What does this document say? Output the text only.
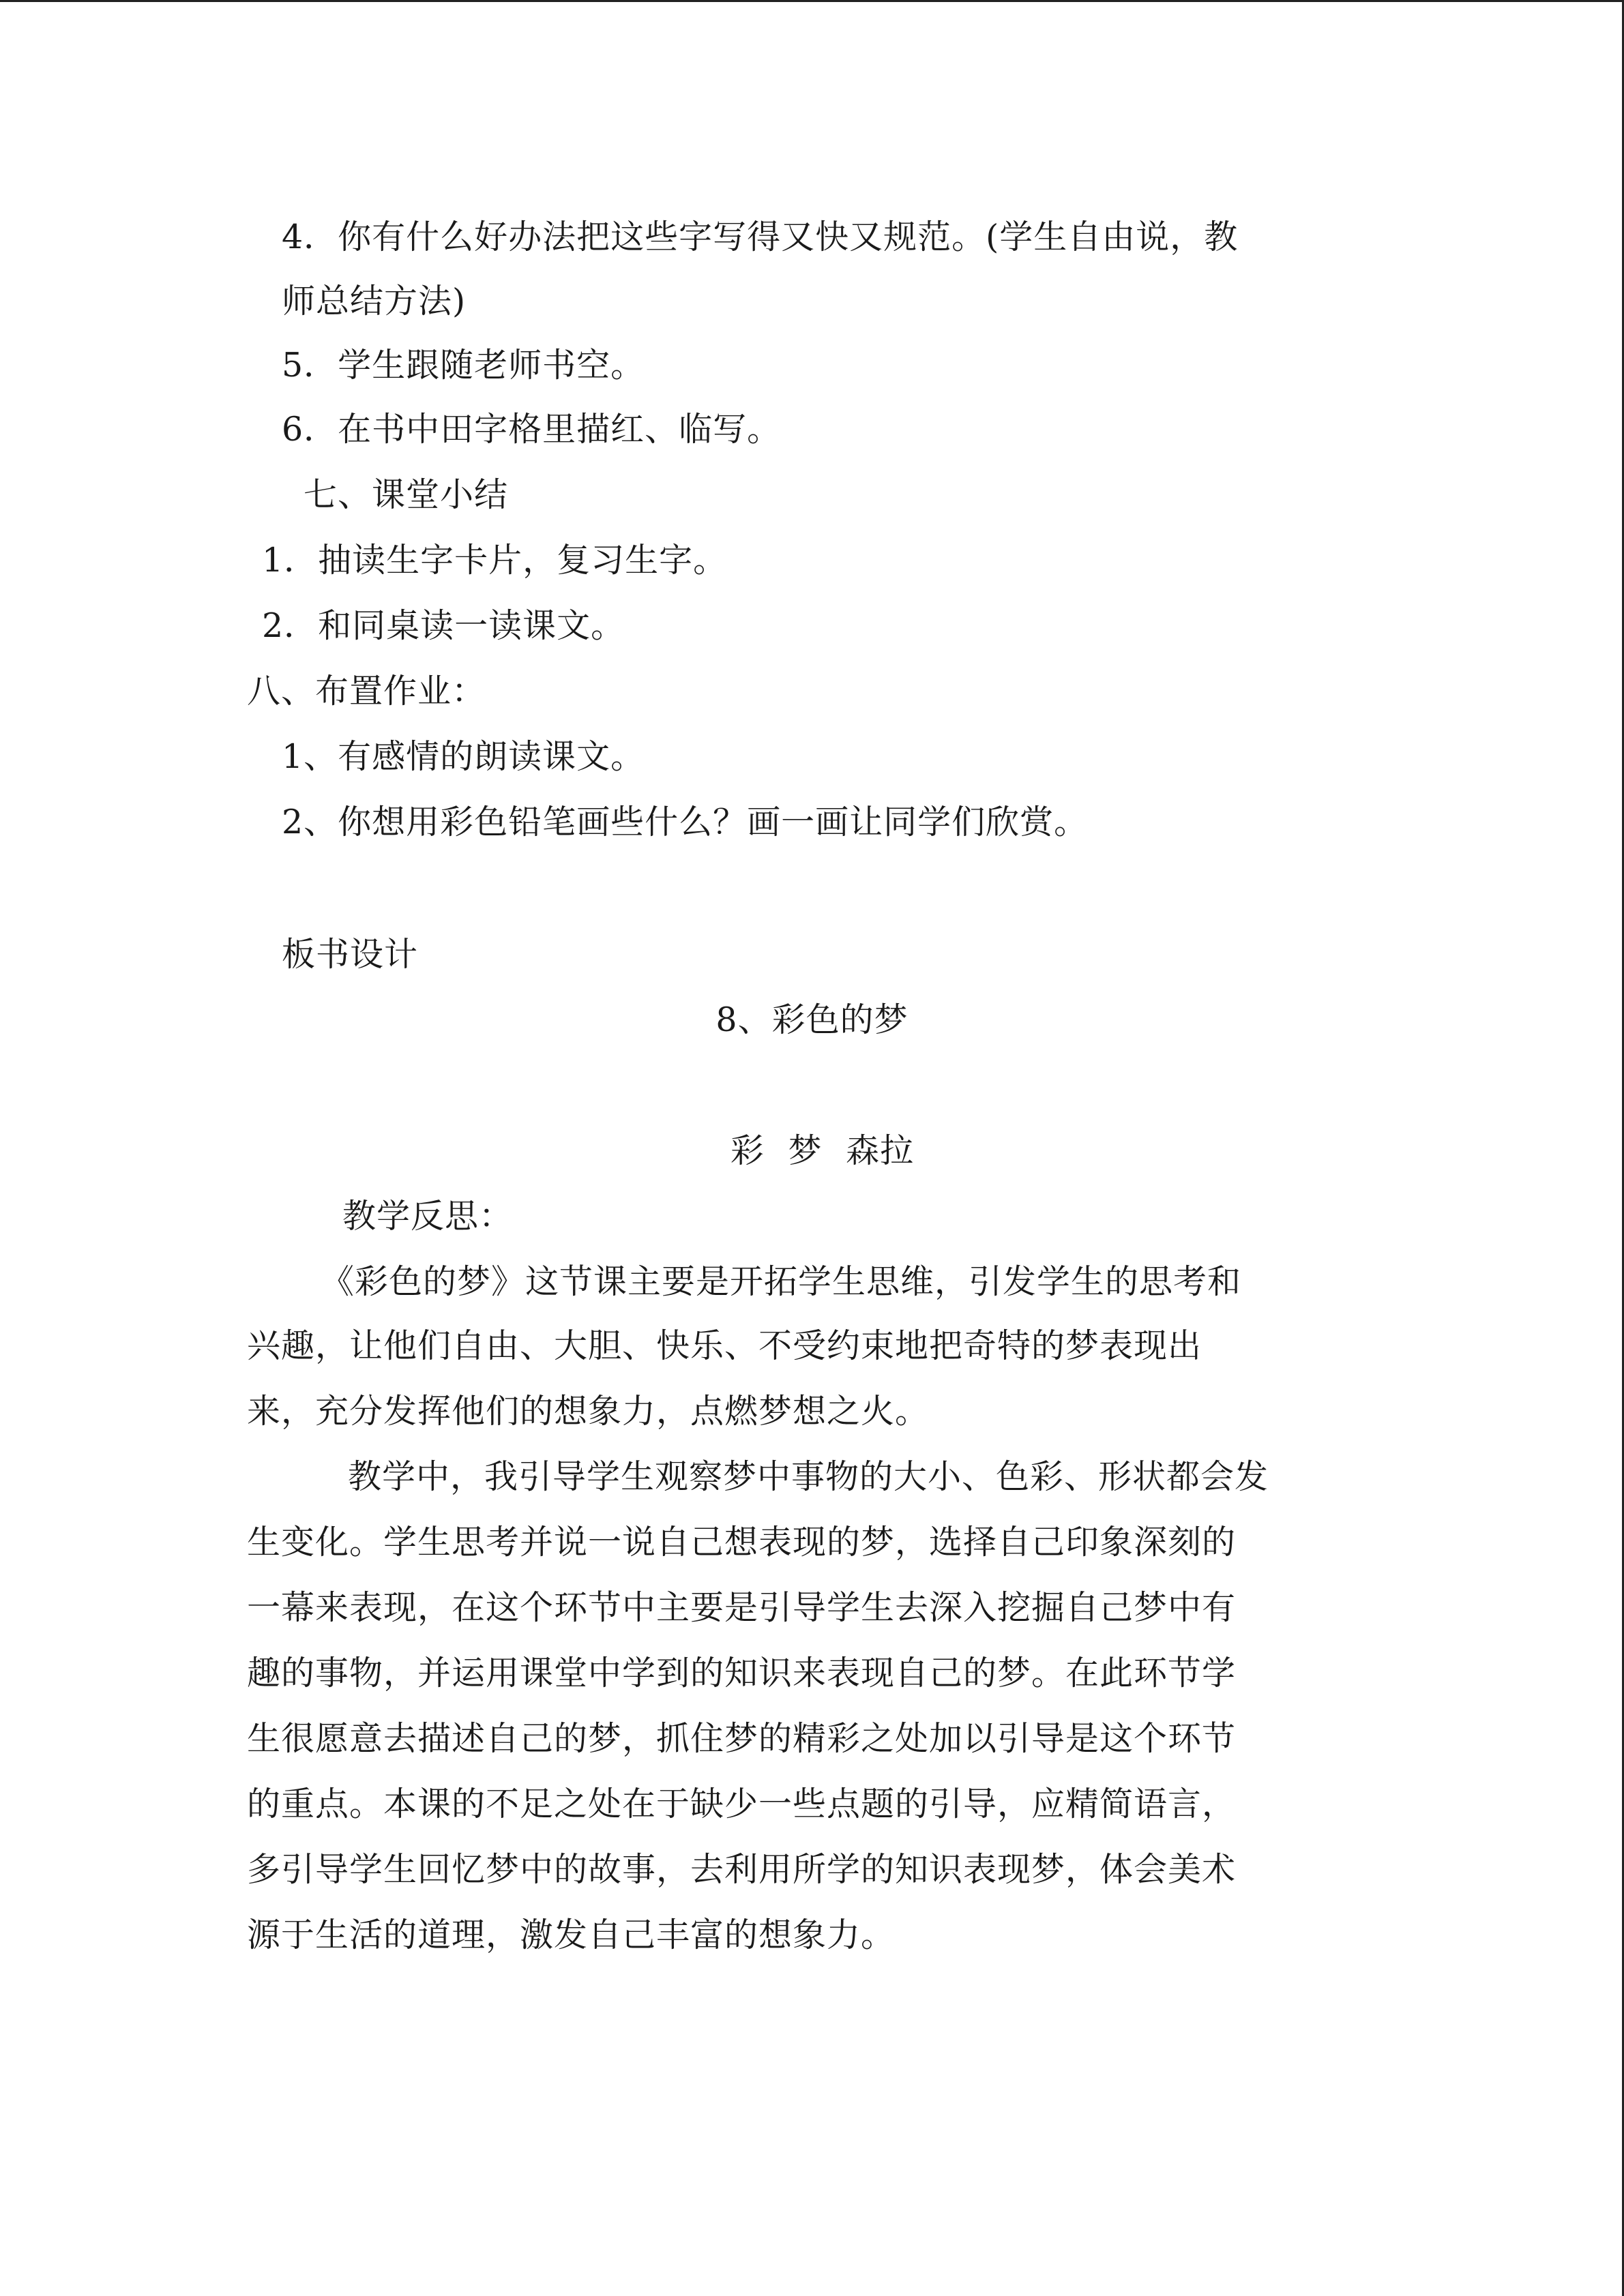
4．你有什么好办法把这些字写得又快又规范。(学生自由说，教
师总结方法)
5．学生跟随老师书空。
6．在书中田字格里描红、临写。
七、课堂小结
1．抽读生字卡片，复习生字。
2．和同桌读一读课文。
八、布置作业：
1、有感情的朗读课文。
2、你想用彩色铅笔画些什么？画一画让同学们欣赏。
板书设计
8、彩色的梦
彩 梦 森拉
教学反思：
《彩色的梦》这节课主要是开拓学生思维，引发学生的思考和
兴趣，让他们自由、大胆、快乐、不受约束地把奇特的梦表现出
来，充分发挥他们的想象力，点燃梦想之火。
教学中，我引导学生观察梦中事物的大小、色彩、形状都会发
生变化。学生思考并说一说自己想表现的梦，选择自己印象深刻的
一幕来表现，在这个环节中主要是引导学生去深入挖掘自己梦中有
趣的事物，并运用课堂中学到的知识来表现自己的梦。在此环节学
生很愿意去描述自己的梦，抓住梦的精彩之处加以引导是这个环节
的重点。本课的不足之处在于缺少一些点题的引导，应精简语言，
多引导学生回忆梦中的故事，去利用所学的知识表现梦，体会美术
源于生活的道理，激发自己丰富的想象力。
